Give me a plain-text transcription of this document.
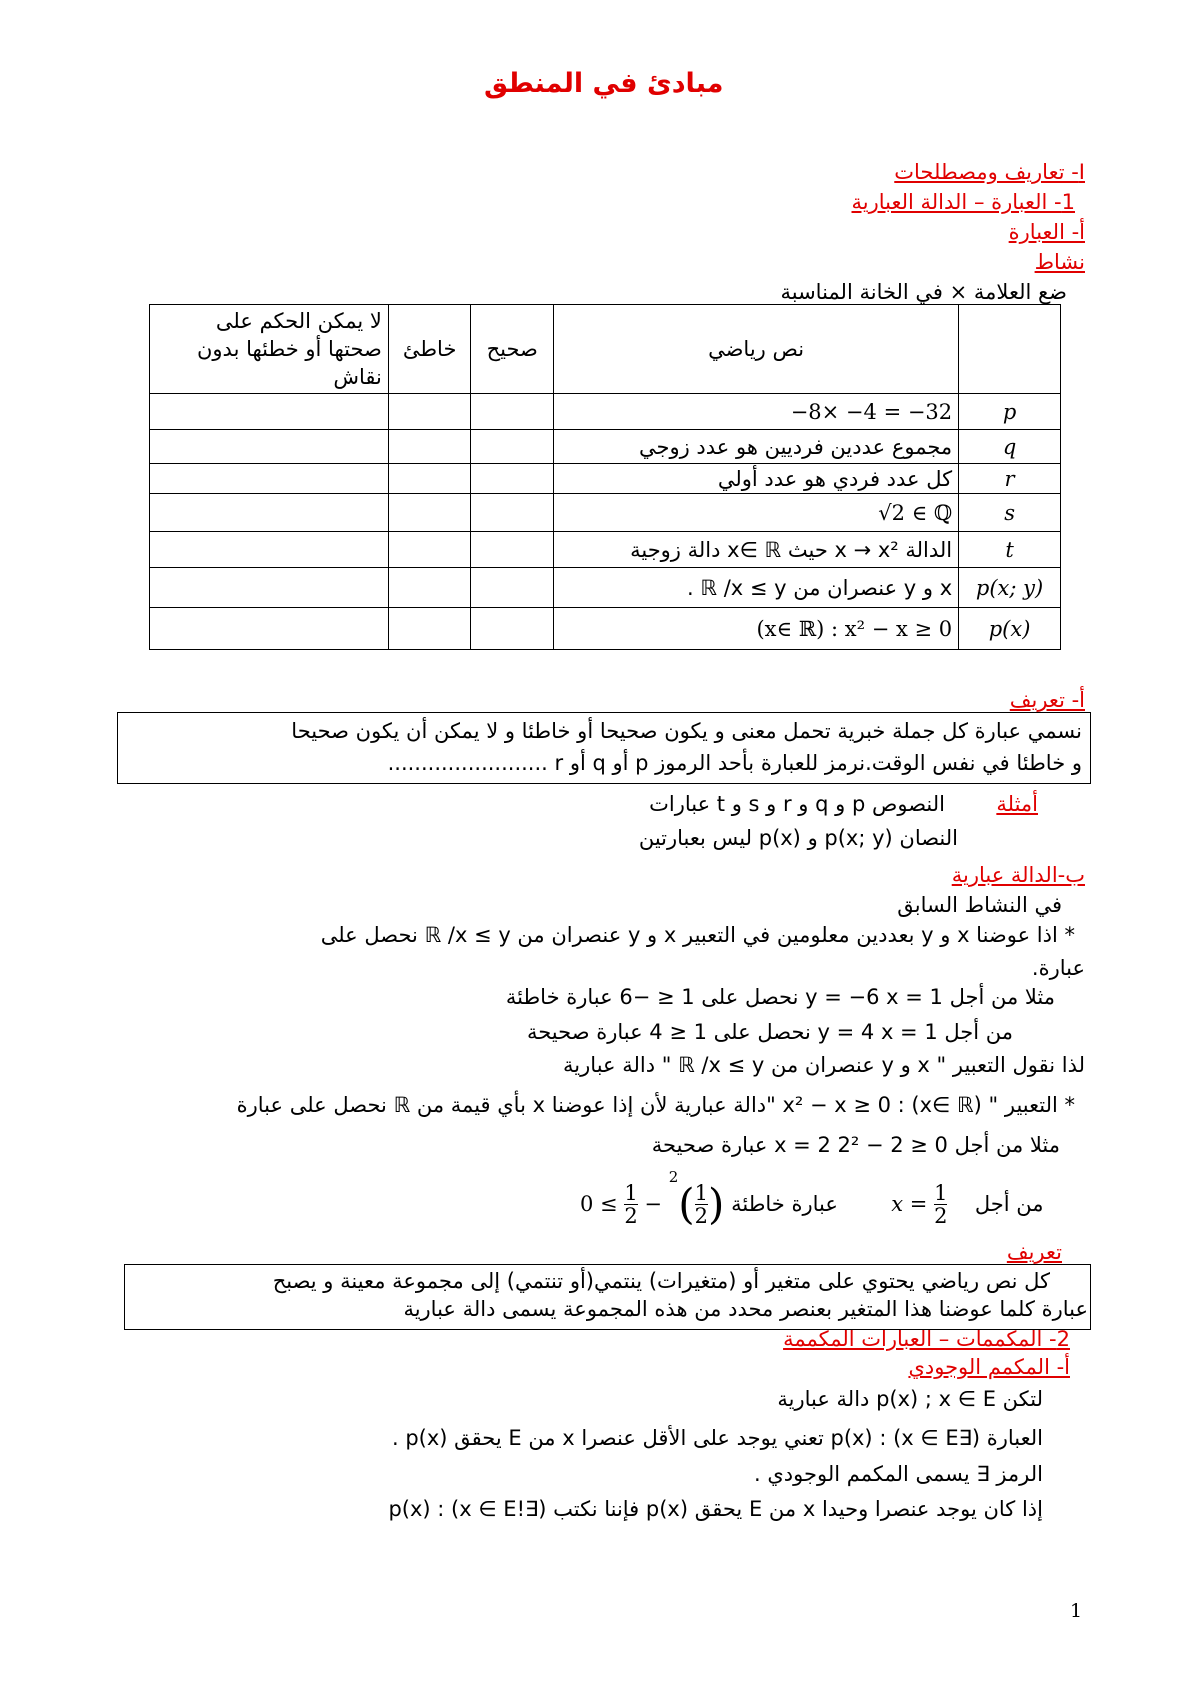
مبادئ في المنطق
I- تعاريف ومصطلحات
1- العبارة – الدالة العبارية
أ- العبارة
نشاط
ضع العلامة × في الخانة المناسبة
	نص رياضي	صحيح	خاطئ	لا يمكن الحكم على صحتها أو خطئها بدون نقاش
p	−8× −4 = −32			
q	مجموع عددين فرديين هو عدد زوجي			
r	كل عدد فردي هو عدد أولي			
s	√2 ∈ ℚ			
t	الدالة x → x² حيث x∈ ℝ دالة زوجية			
p(x; y)	x و y عنصران من ℝ /x ≤ y .			
p(x)	(x∈ ℝ) : x² − x ≥ 0			
أ- تعريف
نسمي عبارة كل جملة خبرية تحمل معنى و يكون صحيحا أو خاطئا و لا يمكن أن يكون صحيحا
و خاطئا في نفس الوقت.نرمز للعبارة بأحد الرموز p أو q أو r ........................
أمثلة
النصوص p و q و r و s و t عبارات
النصان p(x; y) و p(x) ليس بعبارتين
ب-الدالة عبارية
في النشاط السابق
* اذا عوضنا x و y بعددين معلومين في التعبير x و y عنصران من ℝ /x ≤ y نحصل على
عبارة.
مثلا من أجل y = −6 x = 1 نحصل على 1 ≤ −6 عبارة خاطئة
من أجل y = 4 x = 1 نحصل على 1 ≤ 4 عبارة صحيحة
لذا نقول التعبير " x و y عنصران من ℝ /x ≤ y " دالة عبارية
* التعبير " (x∈ ℝ) : x² − x ≥ 0 "دالة عبارية لأن إذا عوضنا x بأي قيمة من ℝ نحصل على عبارة
مثلا من أجل x = 2 2² − 2 ≥ 0 عبارة صحيحة
عبارة خاطئة (
$\frac{1}{2}$
)$^2$ −
$\frac{1}{2}$
≥ 0	$x = \frac{1}{2}$ من أجل
تعريف
كل نص رياضي يحتوي على متغير أو (متغيرات) ينتمي(أو تنتمي) إلى مجموعة معينة و يصبح
عبارة كلما عوضنا هذا المتغير بعنصر محدد من هذه المجموعة يسمى دالة عبارية
2- المكممات – العبارات المكممة
أ- المكمم الوجودي
لتكن p(x) ; x ∈ E دالة عبارية
العبارة (∃x ∈ E) : p(x) تعني يوجد على الأقل عنصرا x من E يحقق p(x) .
الرمز ∃ يسمى المكمم الوجودي .
إذا كان يوجد عنصرا وحيدا x من E يحقق p(x) فإننا نكتب (∃!x ∈ E) : p(x)
1
